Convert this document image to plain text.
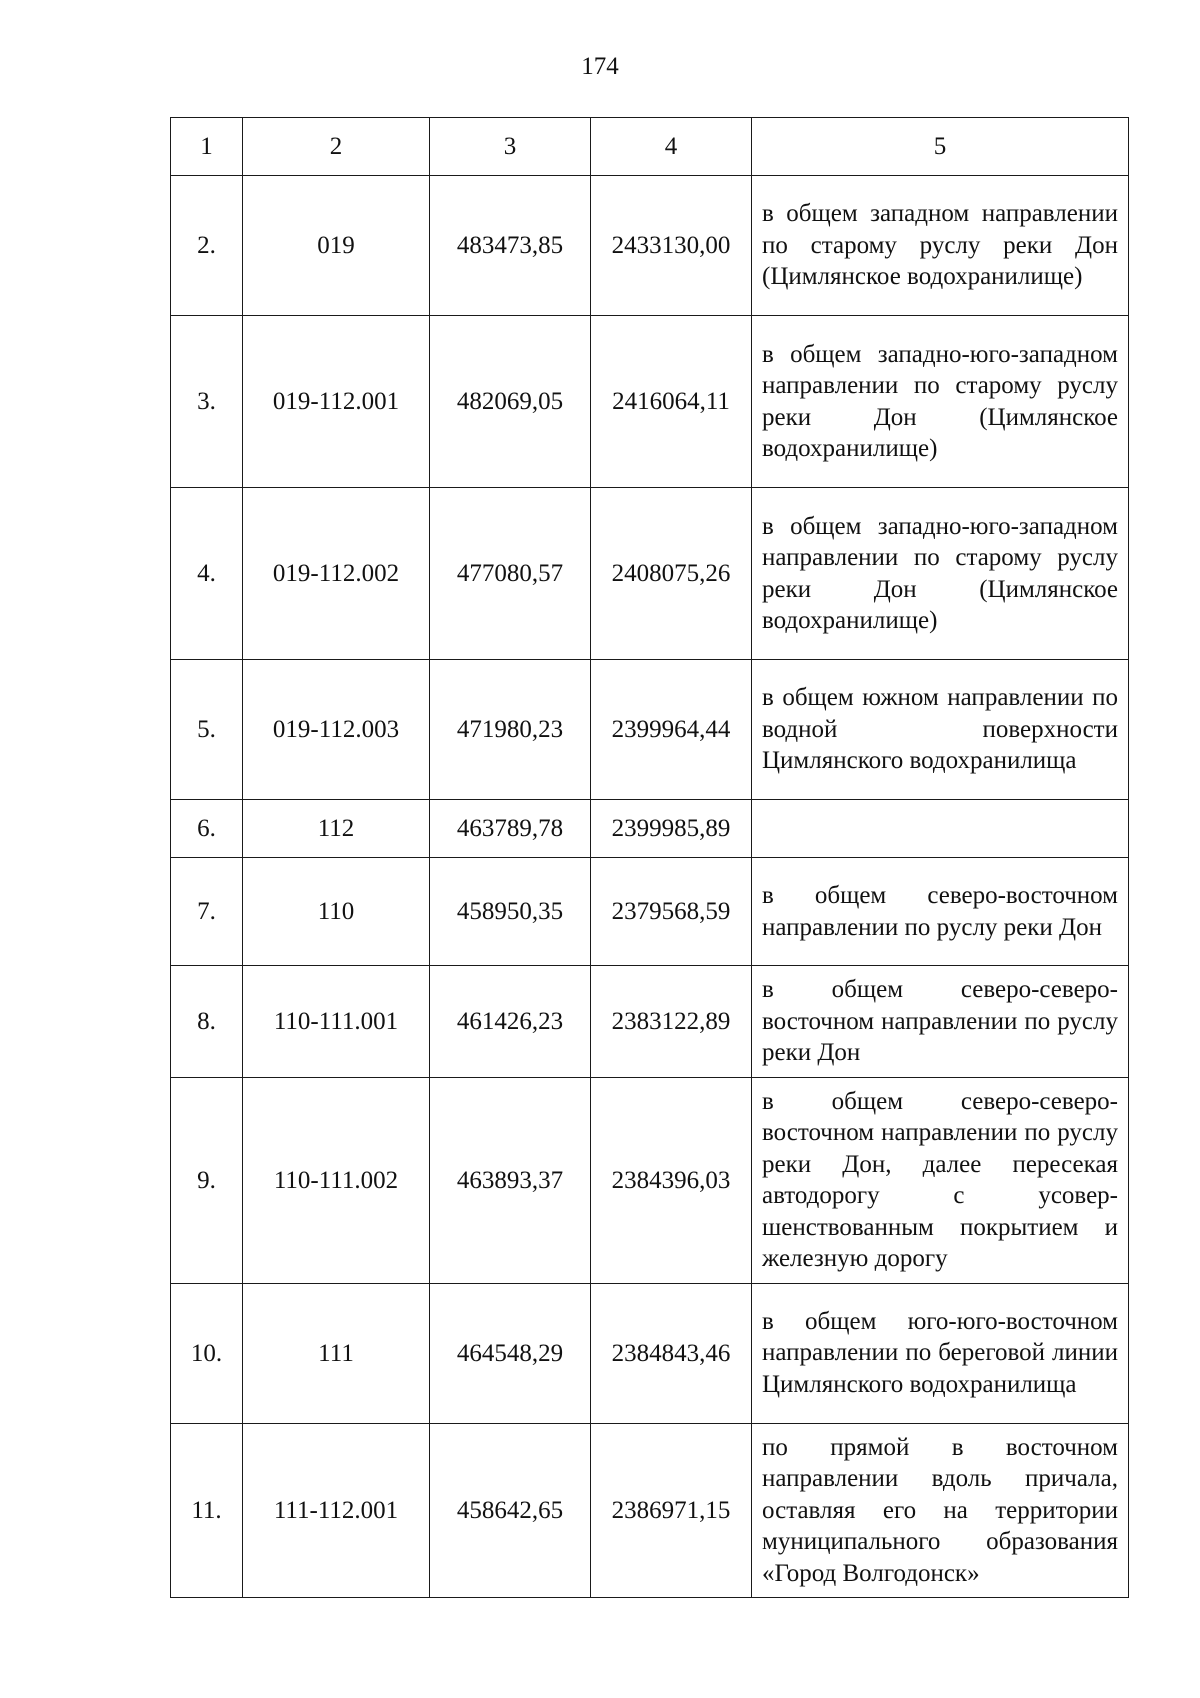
174
1	2	3	4	5
2.	019	483473,85	2433130,00	в общем западном направлении по старому руслу реки Дон (Цимлянское водохранилище)
3.	019-112.001	482069,05	2416064,11	в общем западно-юго-западном направлении по старому руслу реки Дон (Цимлянское водохранилище)
4.	019-112.002	477080,57	2408075,26	в общем западно-юго-западном направлении по старому руслу реки Дон (Цимлянское водохранилище)
5.	019-112.003	471980,23	2399964,44	в общем южном направлении по водной поверхности Цимлянского водохранилища
6.	112	463789,78	2399985,89	
7.	110	458950,35	2379568,59	в общем северо-восточном направлении по руслу реки Дон
8.	110-111.001	461426,23	2383122,89	в общем северо-северо-восточном направлении по руслу реки Дон
9.	110-111.002	463893,37	2384396,03	в общем северо-северо-восточном направлении по руслу реки Дон, далее пересекая автодорогу с усовершенствованным покрытием и железную дорогу
10.	111	464548,29	2384843,46	в общем юго-юго-восточном направлении по береговой линии Цимлянского водохранилища
11.	111-112.001	458642,65	2386971,15	по прямой в восточном направлении вдоль причала, оставляя его на территории муниципального образования «Город Волгодонск»
